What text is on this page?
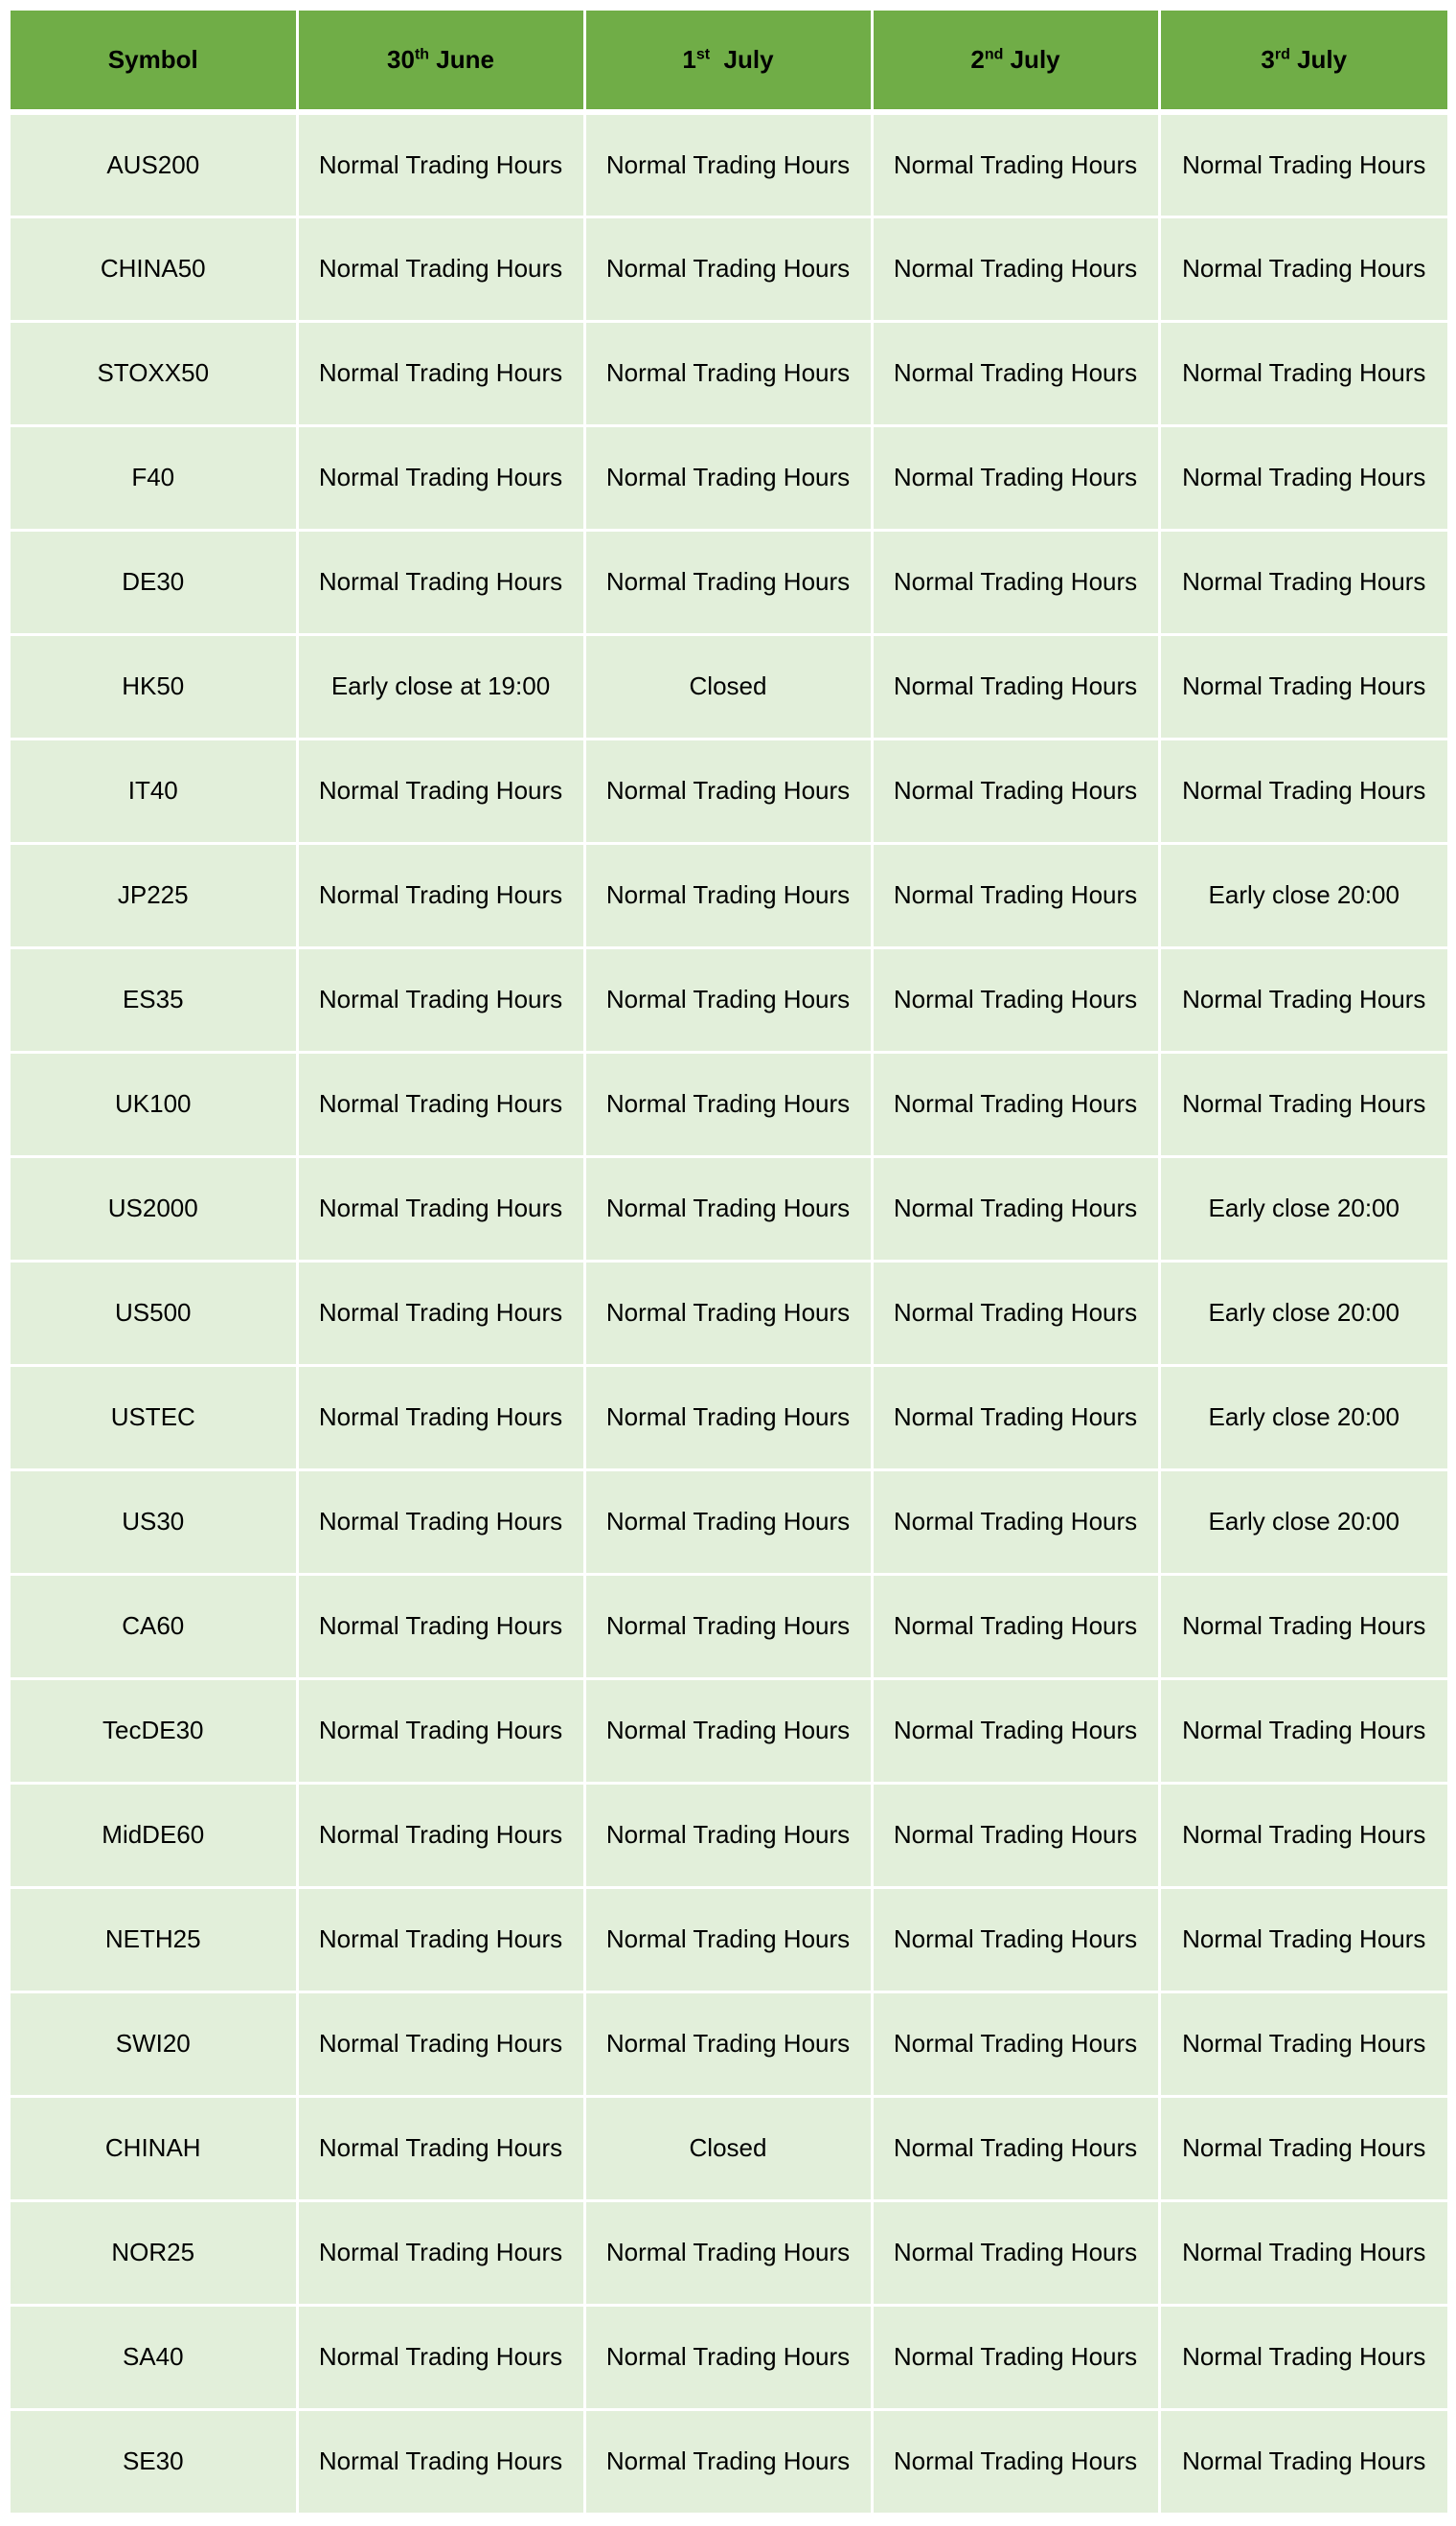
Symbol	30th June	1st  July	2nd July	3rd July
AUS200	Normal Trading Hours	Normal Trading Hours	Normal Trading Hours	Normal Trading Hours
CHINA50	Normal Trading Hours	Normal Trading Hours	Normal Trading Hours	Normal Trading Hours
STOXX50	Normal Trading Hours	Normal Trading Hours	Normal Trading Hours	Normal Trading Hours
F40	Normal Trading Hours	Normal Trading Hours	Normal Trading Hours	Normal Trading Hours
DE30	Normal Trading Hours	Normal Trading Hours	Normal Trading Hours	Normal Trading Hours
HK50	Early close at 19:00	Closed	Normal Trading Hours	Normal Trading Hours
IT40	Normal Trading Hours	Normal Trading Hours	Normal Trading Hours	Normal Trading Hours
JP225	Normal Trading Hours	Normal Trading Hours	Normal Trading Hours	Early close 20:00
ES35	Normal Trading Hours	Normal Trading Hours	Normal Trading Hours	Normal Trading Hours
UK100	Normal Trading Hours	Normal Trading Hours	Normal Trading Hours	Normal Trading Hours
US2000	Normal Trading Hours	Normal Trading Hours	Normal Trading Hours	Early close 20:00
US500	Normal Trading Hours	Normal Trading Hours	Normal Trading Hours	Early close 20:00
USTEC	Normal Trading Hours	Normal Trading Hours	Normal Trading Hours	Early close 20:00
US30	Normal Trading Hours	Normal Trading Hours	Normal Trading Hours	Early close 20:00
CA60	Normal Trading Hours	Normal Trading Hours	Normal Trading Hours	Normal Trading Hours
TecDE30	Normal Trading Hours	Normal Trading Hours	Normal Trading Hours	Normal Trading Hours
MidDE60	Normal Trading Hours	Normal Trading Hours	Normal Trading Hours	Normal Trading Hours
NETH25	Normal Trading Hours	Normal Trading Hours	Normal Trading Hours	Normal Trading Hours
SWI20	Normal Trading Hours	Normal Trading Hours	Normal Trading Hours	Normal Trading Hours
CHINAH	Normal Trading Hours	Closed	Normal Trading Hours	Normal Trading Hours
NOR25	Normal Trading Hours	Normal Trading Hours	Normal Trading Hours	Normal Trading Hours
SA40	Normal Trading Hours	Normal Trading Hours	Normal Trading Hours	Normal Trading Hours
SE30	Normal Trading Hours	Normal Trading Hours	Normal Trading Hours	Normal Trading Hours
